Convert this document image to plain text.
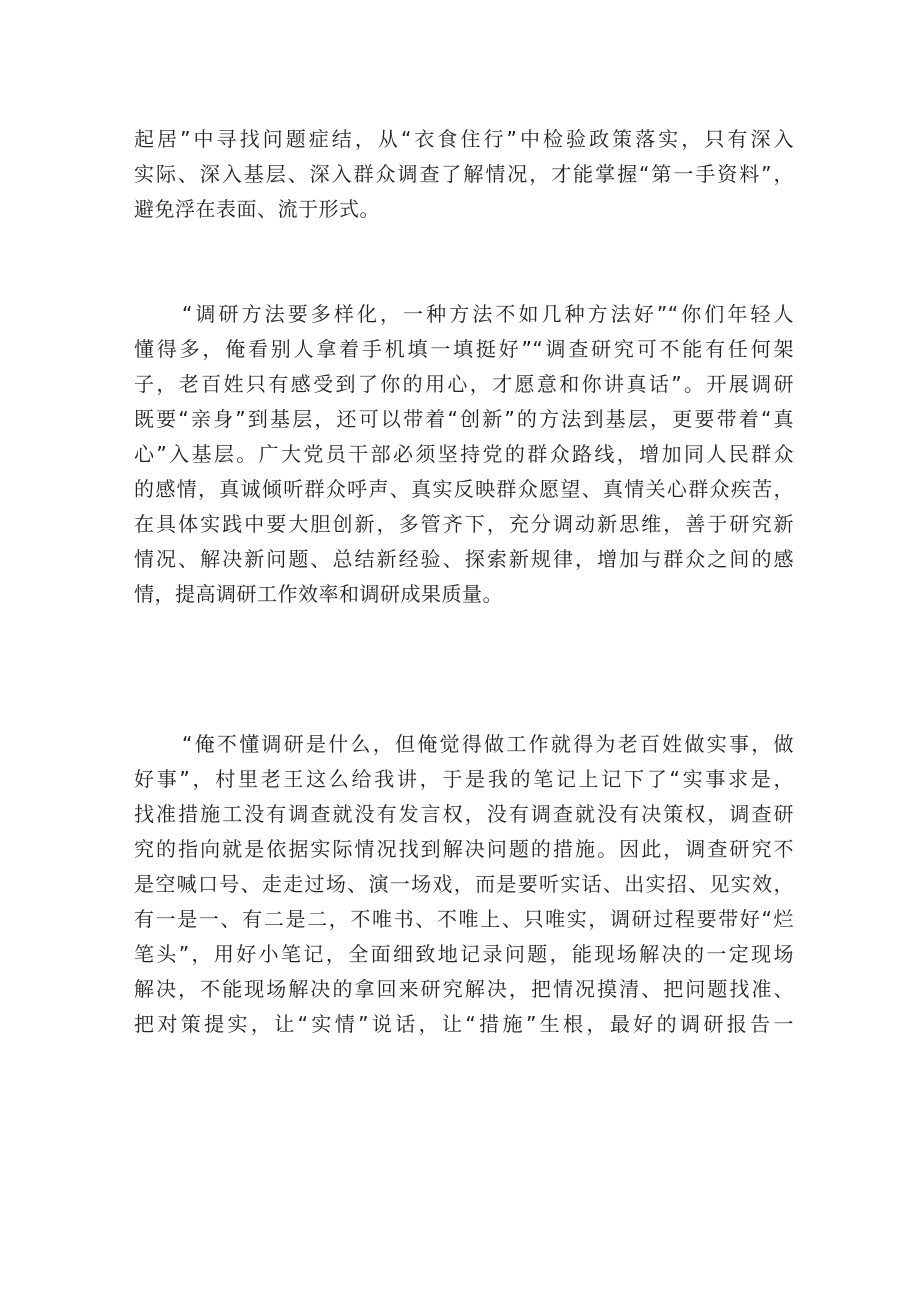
起居”中寻找问题症结，从“衣食住行”中检验政策落实，只有深入
实际、深入基层、深入群众调查了解情况，才能掌握“第一手资料”，
避免浮在表面、流于形式。
“调研方法要多样化，一种方法不如几种方法好”“你们年轻人
懂得多，俺看别人拿着手机填一填挺好”“调查研究可不能有任何架
子，老百姓只有感受到了你的用心，才愿意和你讲真话”。开展调研
既要“亲身”到基层，还可以带着“创新”的方法到基层，更要带着“真
心”入基层。广大党员干部必须坚持党的群众路线，增加同人民群众
的感情，真诚倾听群众呼声、真实反映群众愿望、真情关心群众疾苦，
在具体实践中要大胆创新，多管齐下，充分调动新思维，善于研究新
情况、解决新问题、总结新经验、探索新规律，增加与群众之间的感
情，提高调研工作效率和调研成果质量。
“俺不懂调研是什么，但俺觉得做工作就得为老百姓做实事，做
好事”，村里老王这么给我讲，于是我的笔记上记下了“实事求是，
找准措施工没有调查就没有发言权，没有调查就没有决策权，调查研
究的指向就是依据实际情况找到解决问题的措施。因此，调查研究不
是空喊口号、走走过场、演一场戏，而是要听实话、出实招、见实效，
有一是一、有二是二，不唯书、不唯上、只唯实，调研过程要带好“烂
笔头”，用好小笔记，全面细致地记录问题，能现场解决的一定现场
解决，不能现场解决的拿回来研究解决，把情况摸清、把问题找准、
把对策提实，让“实情”说话，让“措施”生根，最好的调研报告一
